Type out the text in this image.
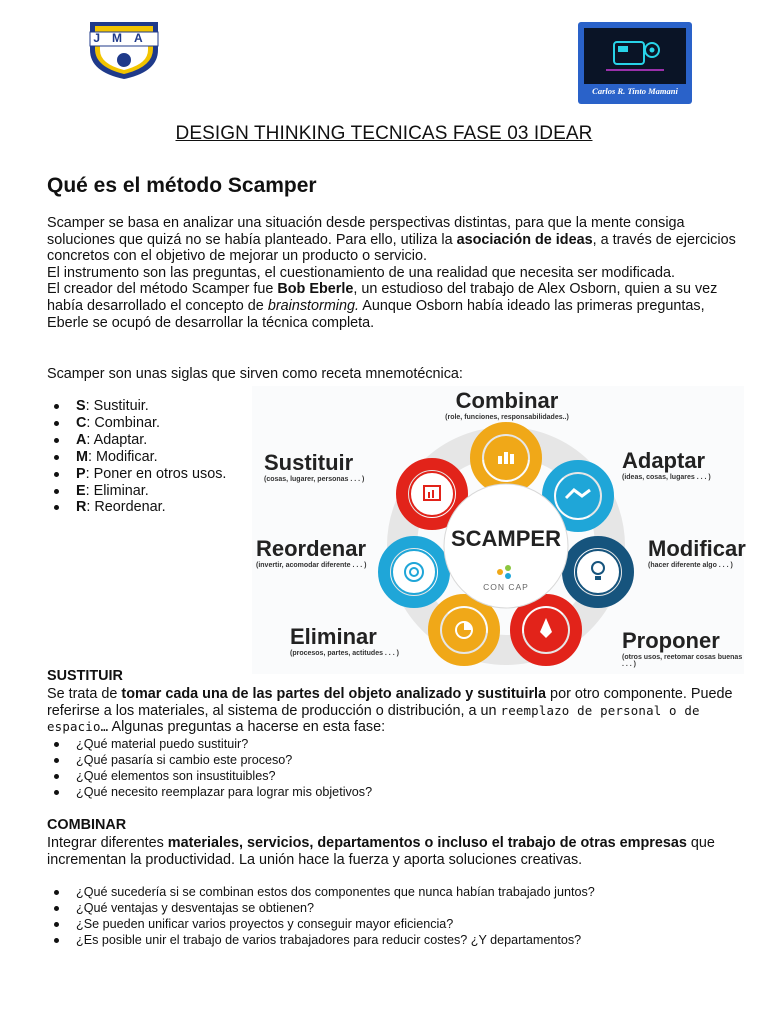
JMA
Carlos R. Tinto Mamani
DESIGN THINKING TECNICAS FASE 03 IDEAR
Qué es el método Scamper
Scamper se basa en analizar una situación desde perspectivas distintas, para que la mente consiga soluciones que quizá no se había planteado. Para ello, utiliza la asociación de ideas, a través de ejercicios concretos con el objetivo de mejorar un producto o servicio.
El instrumento son las preguntas, el cuestionamiento de una realidad que necesita ser modificada.
El creador del método Scamper fue Bob Eberle, un estudioso del trabajo de Alex Osborn, quien a su vez había desarrollado el concepto de brainstorming. Aunque Osborn había ideado las primeras preguntas, Eberle se ocupó de desarrollar la técnica completa.
Scamper son unas siglas que sirven como receta mnemotécnica:
S: Sustituir.
C: Combinar.
A: Adaptar.
M: Modificar.
P: Poner en otros usos.
E: Eliminar.
R: Reordenar.
SCAMPER
CON CAP
Combinar
(role, funciones, responsabilidades..)
Adaptar
(ideas, cosas, lugares . . . )
Modificar
(hacer diferente algo . . . )
Proponer
(otros usos, reetomar cosas buenas . . . )
Eliminar
(procesos, partes, actitudes . . . )
Reordenar
(invertir, acomodar diferente . . . )
Sustituir
(cosas, lugarer, personas . . . )
SUSTITUIR
Se trata de tomar cada una de las partes del objeto analizado y sustituirla por otro componente. Puede referirse a los materiales, al sistema de producción o distribución, a un reemplazo de personal o de espacio… Algunas preguntas a hacerse en esta fase:
¿Qué material puedo sustituir?
¿Qué pasaría si cambio este proceso?
¿Qué elementos son insustituibles?
¿Qué necesito reemplazar para lograr mis objetivos?
COMBINAR
Integrar diferentes materiales, servicios, departamentos o incluso el trabajo de otras empresas que incrementan la productividad. La unión hace la fuerza y aporta soluciones creativas.
¿Qué sucedería si se combinan estos dos componentes que nunca habían trabajado juntos?
¿Qué ventajas y desventajas se obtienen?
¿Se pueden unificar varios proyectos y conseguir mayor eficiencia?
¿Es posible unir el trabajo de varios trabajadores para reducir costes? ¿Y departamentos?
